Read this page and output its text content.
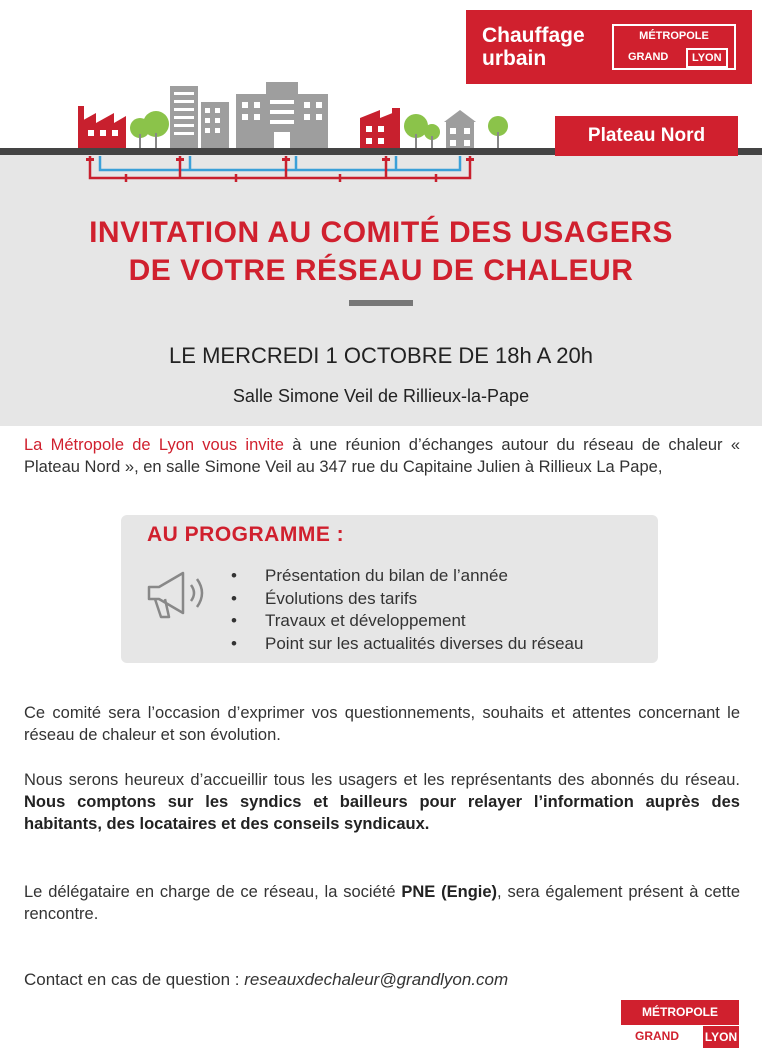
Chauffage
urbain
MÉTROPOLE
GRAND	LYON
Plateau Nord
INVITATION AU COMITÉ DES USAGERS
DE VOTRE RÉSEAU DE CHALEUR
LE MERCREDI 1 OCTOBRE DE 18h A 20h
Salle Simone Veil de Rillieux-la-Pape

La Métropole de Lyon vous invite à une réunion d’échanges autour du réseau de chaleur « Plateau Nord », en salle Simone Veil au 347 rue du Capitaine Julien à Rillieux La Pape,

AU PROGRAMME :
• Présentation du bilan de l’année
• Évolutions des tarifs
• Travaux et développement
• Point sur les actualités diverses du réseau

Ce comité sera l’occasion d’exprimer vos questionnements, souhaits et attentes concernant le réseau de chaleur et son évolution.

Nous serons heureux d’accueillir tous les usagers et les représentants des abonnés du réseau. Nous comptons sur les syndics et bailleurs pour relayer l’information auprès des habitants, des locataires et des conseils syndicaux.

Le délégataire en charge de ce réseau, la société PNE (Engie), sera également présent à cette rencontre.

Contact en cas de question : reseauxdechaleur@grandlyon.com
MÉTROPOLE
GRAND LYON
